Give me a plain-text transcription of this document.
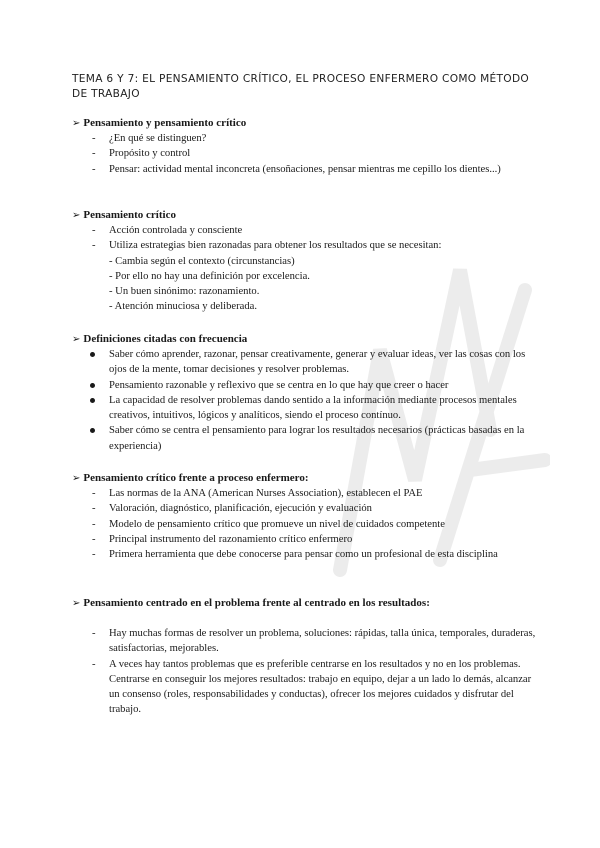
TEMA 6 Y 7: EL PENSAMIENTO CRÍTICO, EL PROCESO ENFERMERO COMO MÉTODO DE TRABAJO

➢ Pensamiento y pensamiento crítico

- ¿En qué se distinguen?
- Propósito y control
- Pensar: actividad mental inconcreta (ensoñaciones, pensar mientras me cepillo los dientes...)

➢ Pensamiento crítico

- Acción controlada y consciente
- Utiliza estrategias bien razonadas para obtener los resultados que se necesitan:
- Cambia según el contexto (circunstancias)
- Por ello no hay una definición por excelencia.
- Un buen sinónimo: razonamiento.
- Atención minuciosa y deliberada.

➢ Definiciones citadas con frecuencia

Saber cómo aprender, razonar, pensar creativamente, generar y evaluar ideas, ver las cosas con los ojos de la mente, tomar decisiones y resolver problemas.
Pensamiento razonable y reflexivo que se centra en lo que hay que creer o hacer
La capacidad de resolver problemas dando sentido a la información mediante procesos mentales creativos, intuitivos, lógicos y analíticos, siendo el proceso contínuo.
Saber cómo se centra el pensamiento para lograr los resultados necesarios (prácticas basadas en la experiencia)

➢ Pensamiento crítico frente a proceso enfermero:

- Las normas de la ANA (American Nurses Association), establecen el PAE
- Valoración, diagnóstico, planificación, ejecución y evaluación
- Modelo de pensamiento crítico que promueve un nivel de cuidados competente
- Principal instrumento del razonamiento crítico enfermero
- Primera herramienta que debe conocerse para pensar como un profesional de esta disciplina

➢ Pensamiento centrado en el problema frente al centrado en los resultados:

- Hay muchas formas de resolver un problema, soluciones: rápidas, talla única, temporales, duraderas, satisfactorias, mejorables.
- A veces hay tantos problemas que es preferible centrarse en los resultados y no en los problemas. Centrarse en conseguir los mejores resultados: trabajo en equipo, dejar a un lado lo demás, alcanzar un consenso (roles, responsabilidades y conductas), ofrecer los mejores cuidados y disfrutar del trabajo.
